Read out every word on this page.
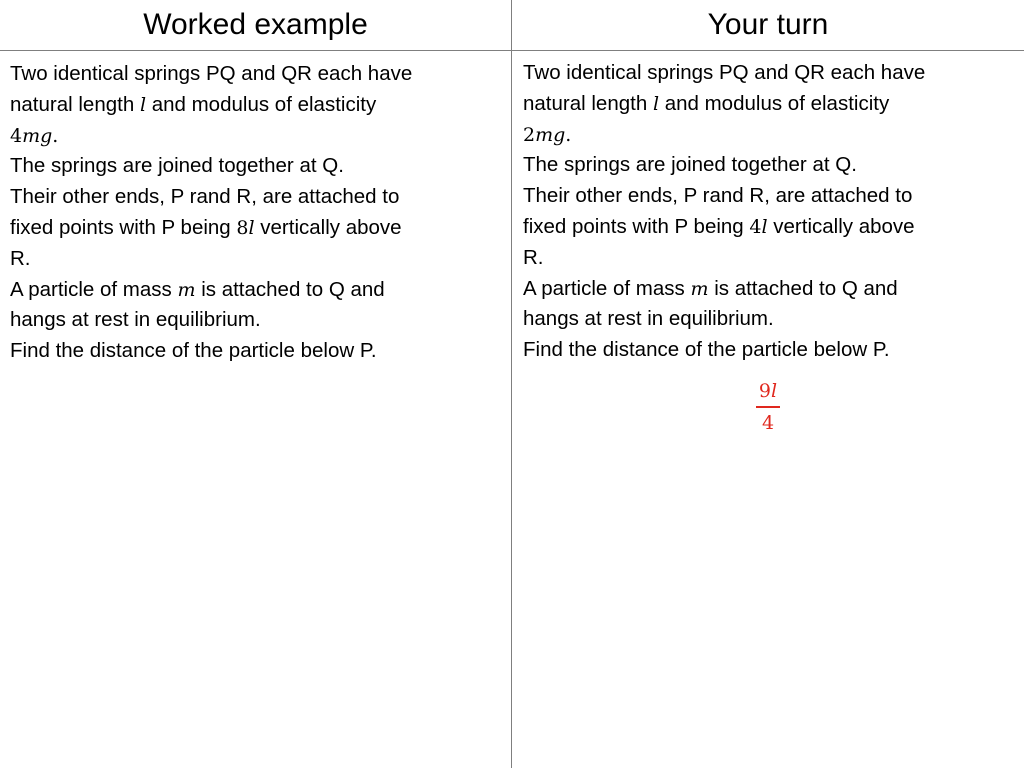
Worked example	Your turn
Two identical springs PQ and QR each have
natural length l and modulus of elasticity
4mg.
The springs are joined together at Q.
Their other ends, P rand R, are attached to
fixed points with P being 8l vertically above
R.
A particle of mass m is attached to Q and
hangs at rest in equilibrium.
Find the distance of the particle below P.
Two identical springs PQ and QR each have
natural length l and modulus of elasticity
2mg.
The springs are joined together at Q.
Their other ends, P rand R, are attached to
fixed points with P being 4l vertically above
R.
A particle of mass m is attached to Q and
hangs at rest in equilibrium.
Find the distance of the particle below P.
9l
4
